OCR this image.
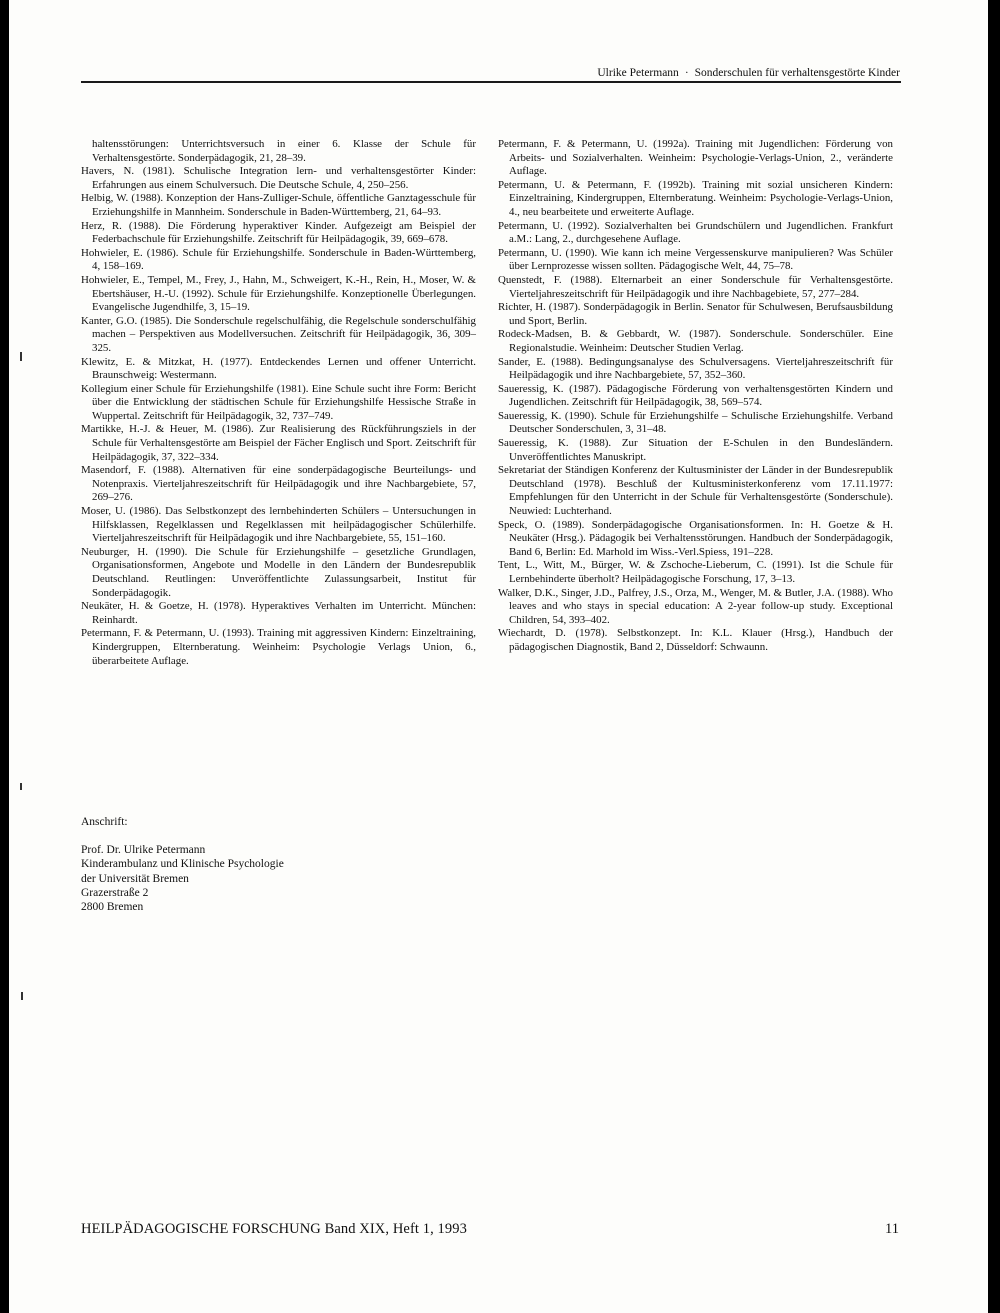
Ulrike Petermann · Sonderschulen für verhaltensgestörte Kinder

haltensstörungen: Unterrichtsversuch in einer 6. Klasse der Schule für Verhaltensgestörte. Sonderpädagogik, 21, 28–39.

Havers, N. (1981). Schulische Integration lern- und verhaltensgestörter Kinder: Erfahrungen aus einem Schulversuch. Die Deutsche Schule, 4, 250–256.

Helbig, W. (1988). Konzeption der Hans-Zulliger-Schule, öffentliche Ganztagesschule für Erziehungshilfe in Mannheim. Sonderschule in Baden-Württemberg, 21, 64–93.

Herz, R. (1988). Die Förderung hyperaktiver Kinder. Aufgezeigt am Beispiel der Federbachschule für Erziehungshilfe. Zeitschrift für Heilpädagogik, 39, 669–678.

Hohwieler, E. (1986). Schule für Erziehungshilfe. Sonderschule in Baden-Württemberg, 4, 158–169.

Hohwieler, E., Tempel, M., Frey, J., Hahn, M., Schweigert, K.-H., Rein, H., Moser, W. & Ebertshäuser, H.-U. (1992). Schule für Erziehungshilfe. Konzeptionelle Überlegungen. Evangelische Jugendhilfe, 3, 15–19.

Kanter, G.O. (1985). Die Sonderschule regelschulfähig, die Regelschule sonderschulfähig machen – Perspektiven aus Modellversuchen. Zeitschrift für Heilpädagogik, 36, 309–325.

Klewitz, E. & Mitzkat, H. (1977). Entdeckendes Lernen und offener Unterricht. Braunschweig: Westermann.

Kollegium einer Schule für Erziehungshilfe (1981). Eine Schule sucht ihre Form: Bericht über die Entwicklung der städtischen Schule für Erziehungshilfe Hessische Straße in Wuppertal. Zeitschrift für Heilpädagogik, 32, 737–749.

Martikke, H.-J. & Heuer, M. (1986). Zur Realisierung des Rückführungsziels in der Schule für Verhaltensgestörte am Beispiel der Fächer Englisch und Sport. Zeitschrift für Heilpädagogik, 37, 322–334.

Masendorf, F. (1988). Alternativen für eine sonderpädagogische Beurteilungs- und Notenpraxis. Vierteljahreszeitschrift für Heilpädagogik und ihre Nachbargebiete, 57, 269–276.

Moser, U. (1986). Das Selbstkonzept des lernbehinderten Schülers – Untersuchungen in Hilfsklassen, Regelklassen und Regelklassen mit heilpädagogischer Schülerhilfe. Vierteljahreszeitschrift für Heilpädagogik und ihre Nachbargebiete, 55, 151–160.

Neuburger, H. (1990). Die Schule für Erziehungshilfe – gesetzliche Grundlagen, Organisationsformen, Angebote und Modelle in den Ländern der Bundesrepublik Deutschland. Reutlingen: Unveröffentlichte Zulassungsarbeit, Institut für Sonderpädagogik.

Neukäter, H. & Goetze, H. (1978). Hyperaktives Verhalten im Unterricht. München: Reinhardt.

Petermann, F. & Petermann, U. (1993). Training mit aggressiven Kindern: Einzeltraining, Kindergruppen, Elternberatung. Weinheim: Psychologie Verlags Union, 6., überarbeitete Auflage.

Petermann, F. & Petermann, U. (1992a). Training mit Jugendlichen: Förderung von Arbeits- und Sozialverhalten. Weinheim: Psychologie-Verlags-Union, 2., veränderte Auflage.

Petermann, U. & Petermann, F. (1992b). Training mit sozial unsicheren Kindern: Einzeltraining, Kindergruppen, Elternberatung. Weinheim: Psychologie-Verlags-Union, 4., neu bearbeitete und erweiterte Auflage.

Petermann, U. (1992). Sozialverhalten bei Grundschülern und Jugendlichen. Frankfurt a.M.: Lang, 2., durchgesehene Auflage.

Petermann, U. (1990). Wie kann ich meine Vergessenskurve manipulieren? Was Schüler über Lernprozesse wissen sollten. Pädagogische Welt, 44, 75–78.

Quenstedt, F. (1988). Elternarbeit an einer Sonderschule für Verhaltensgestörte. Vierteljahreszeitschrift für Heilpädagogik und ihre Nachbagebiete, 57, 277–284.

Richter, H. (1987). Sonderpädagogik in Berlin. Senator für Schulwesen, Berufsausbildung und Sport, Berlin.

Rodeck-Madsen, B. & Gebbardt, W. (1987). Sonderschule. Sonderschüler. Eine Regionalstudie. Weinheim: Deutscher Studien Verlag.

Sander, E. (1988). Bedingungsanalyse des Schulversagens. Vierteljahreszeitschrift für Heilpädagogik und ihre Nachbargebiete, 57, 352–360.

Saueressig, K. (1987). Pädagogische Förderung von verhaltensgestörten Kindern und Jugendlichen. Zeitschrift für Heilpädagogik, 38, 569–574.

Saueressig, K. (1990). Schule für Erziehungshilfe – Schulische Erziehungshilfe. Verband Deutscher Sonderschulen, 3, 31–48.

Saueressig, K. (1988). Zur Situation der E-Schulen in den Bundesländern. Unveröffentlichtes Manuskript.

Sekretariat der Ständigen Konferenz der Kultusminister der Länder in der Bundesrepublik Deutschland (1978). Beschluß der Kultusministerkonferenz vom 17.11.1977: Empfehlungen für den Unterricht in der Schule für Verhaltensgestörte (Sonderschule). Neuwied: Luchterhand.

Speck, O. (1989). Sonderpädagogische Organisationsformen. In: H. Goetze & H. Neukäter (Hrsg.). Pädagogik bei Verhaltensstörungen. Handbuch der Sonderpädagogik, Band 6, Berlin: Ed. Marhold im Wiss.-Verl.Spiess, 191–228.

Tent, L., Witt, M., Bürger, W. & Zschoche-Lieberum, C. (1991). Ist die Schule für Lernbehinderte überholt? Heilpädagogische Forschung, 17, 3–13.

Walker, D.K., Singer, J.D., Palfrey, J.S., Orza, M., Wenger, M. & Butler, J.A. (1988). Who leaves and who stays in special education: A 2-year follow-up study. Exceptional Children, 54, 393–402.

Wiechardt, D. (1978). Selbstkonzept. In: K.L. Klauer (Hrsg.), Handbuch der pädagogischen Diagnostik, Band 2, Düsseldorf: Schwaunn.

Anschrift:
Prof. Dr. Ulrike Petermann
Kinderambulanz und Klinische Psychologie
der Universität Bremen
Grazerstraße 2
2800 Bremen
HEILPÄDAGOGISCHE FORSCHUNG Band XIX, Heft 1, 1993	11
